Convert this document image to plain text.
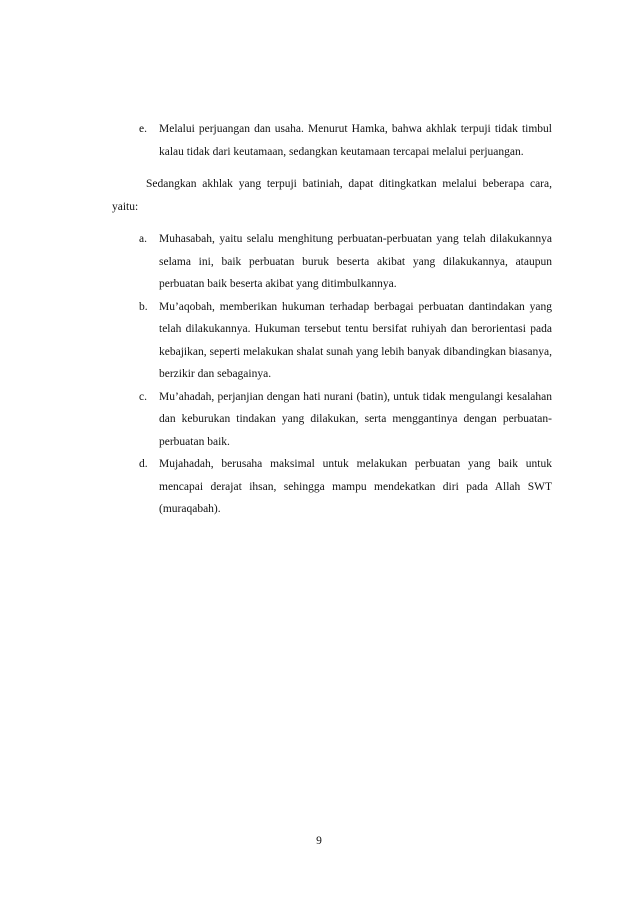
e. Melalui perjuangan dan usaha. Menurut Hamka, bahwa akhlak terpuji tidak timbul kalau tidak dari keutamaan, sedangkan keutamaan tercapai melalui perjuangan.
Sedangkan akhlak yang terpuji batiniah, dapat ditingkatkan melalui beberapa cara, yaitu:
a. Muhasabah, yaitu selalu menghitung perbuatan-perbuatan yang telah dilakukannya selama ini, baik perbuatan buruk beserta akibat yang dilakukannya, ataupun perbuatan baik beserta akibat yang ditimbulkannya.
b. Mu’aqobah, memberikan hukuman terhadap berbagai perbuatan dantindakan yang telah dilakukannya. Hukuman tersebut tentu bersifat ruhiyah dan berorientasi pada kebajikan, seperti melakukan shalat sunah yang lebih banyak dibandingkan biasanya, berzikir dan sebagainya.
c. Mu’ahadah, perjanjian dengan hati nurani (batin), untuk tidak mengulangi kesalahan dan keburukan tindakan yang dilakukan, serta menggantinya dengan perbuatan-perbuatan baik.
d. Mujahadah, berusaha maksimal untuk melakukan perbuatan yang baik untuk mencapai derajat ihsan, sehingga mampu mendekatkan diri pada Allah SWT (muraqabah).
9
